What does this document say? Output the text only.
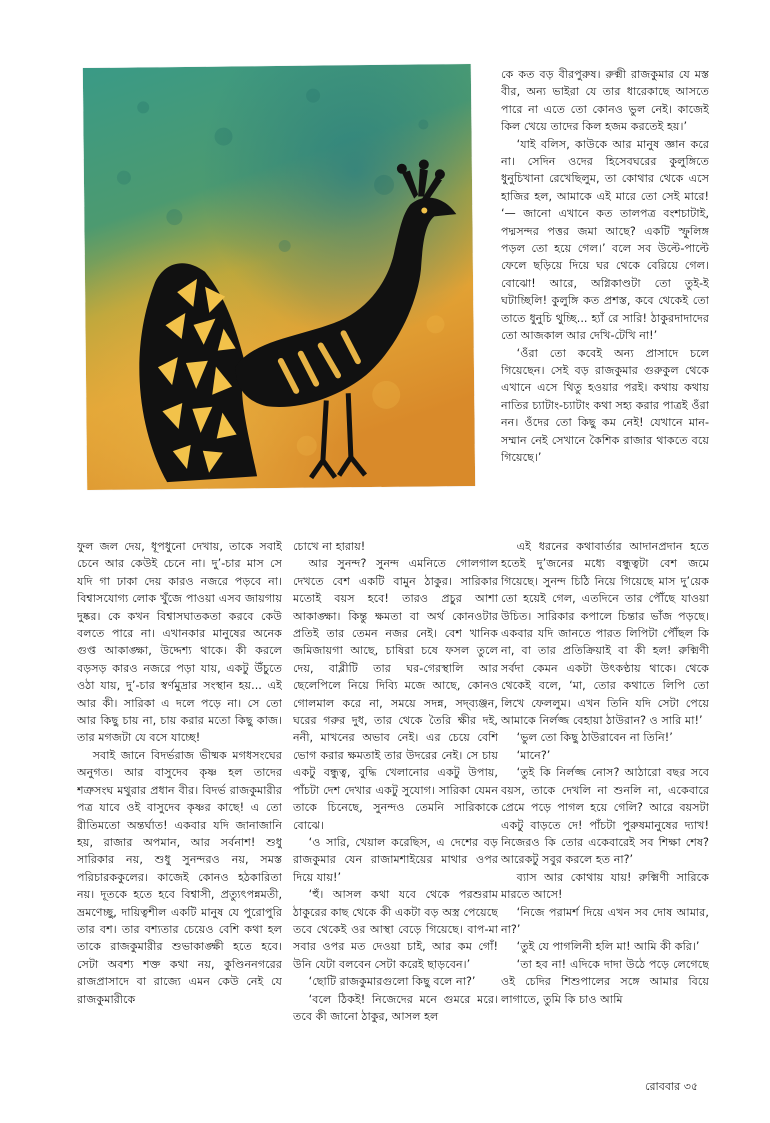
কে কত বড় বীরপুরুষ। রুক্মী রাজকুমার যে মস্ত বীর, অন্য ভাইরা যে তার ধারেকাছে আসতে পারে না এতে তো কোনও ভুল নেই। কাজেই কিল খেয়ে তাদের কিল হজম করতেই হয়।’

‘যাই বলিস, কাউকে আর মানুষ জ্ঞান করে না। সেদিন ওদের হিসেবঘরের কুলুঙ্গিতে ধুনুচিখানা রেখেছিলুম, তা কোথার থেকে এসে হাজির হল, আমাকে এই মারে তো সেই মারে! ‘— জানো এখানে কত তালপত্র বংশচাটাই, পদ্মসন্দর পত্তর জমা আছে? একটি স্ফুলিঙ্গ পড়ল তো হয়ে গেল।’ বলে সব উল্টে-পাল্টে ফেলে ছড়িয়ে দিয়ে ঘর থেকে বেরিয়ে গেল। বোঝো! আরে, অগ্নিকাণ্ডটা তো তুই-ই ঘটাচ্ছিলি! কুলুঙ্গি কত প্রশস্ত, কবে থেকেই তো তাতে ধুনুচি থুচ্ছি... হ্যাঁ রে সারি! ঠাকুরদাদাদের তো আজকাল আর দেখি-টেখি না!’

‘ওঁরা তো কবেই অন্য প্রাসাদে চলে গিয়েছেন। সেই বড় রাজকুমার গুরুকুল থেকে এখানে এসে থিতু হওয়ার পরই। কথায় কথায় নাতির চ্যাটাং-চ্যাটাং কথা সহ্য করার পাত্রই ওঁরা নন। ওঁদের তো কিছু কম নেই! যেখানে মান-সম্মান নেই সেখানে কৈশিক রাজার থাকতে বয়ে গিয়েছে।’

ফুল জল দেয়, ধূপধুনো দেখায়, তাকে সবাই চেনে আর কেউই চেনে না। দু’-চার মাস সে যদি গা ঢাকা দেয় কারও নজরে পড়বে না। বিশ্বাসযোগ্য লোক খুঁজে পাওয়া এসব জায়গায় দুষ্কর। কে কখন বিশ্বাসঘাতকতা করবে কেউ বলতে পারে না। এখানকার মানুষের অনেক গুপ্ত আকাঙ্ক্ষা, উদ্দেশ্য থাকে। কী করলে বড়সড় কারও নজরে পড়া যায়, একটু উঁচুতে ওঠা যায়, দু’-চার স্বর্ণমুদ্রার সংস্থান হয়... এই আর কী। সারিকা এ দলে পড়ে না। সে তো আর কিছু চায় না, চায় করার মতো কিছু কাজ। তার মগজটা যে বসে যাচ্ছে!

সবাই জানে বিদর্ভরাজ ভীষ্মক মগধসংঘের অনুগত। আর বাসুদেব কৃষ্ণ হল তাদের শত্রুসংঘ মথুরার প্রধান বীর। বিদর্ভ রাজকুমারীর পত্র যাবে ওই বাসুদেব কৃষ্ণর কাছে! এ তো রীতিমতো অন্তর্ঘাত! একবার যদি জানাজানি হয়, রাজার অপমান, আর সর্বনাশ! শুধু সারিকার নয়, শুধু সুনন্দরও নয়, সমস্ত পরিচারককুলের। কাজেই কোনও হঠকারিতা নয়। দূতকে হতে হবে বিশ্বাসী, প্রত্যুৎপন্নমতী, ভ্রমণেচ্ছু, দায়িত্বশীল একটি মানুষ যে পুরোপুরি তার বশ। তার বশ্যতার চেয়েও বেশি কথা হল তাকে রাজকুমারীর শুভাকাঙ্ক্ষী হতে হবে। সেটা অবশ্য শক্ত কথা নয়, কুণ্ডিননগরের রাজপ্রাসাদে বা রাজ্যে এমন কেউ নেই যে রাজকুমারীকে

চোখে না হারায়!

আর সুনন্দ? সুনন্দ এমনিতে গোলগাল দেখতে বেশ একটি বামুন ঠাকুর। সারিকার মতোই বয়স হবে! তারও প্রচুর আশা আকাঙ্ক্ষা। কিন্তু ক্ষমতা বা অর্থ কোনওটার প্রতিই তার তেমন নজর নেই। বেশ খানিক জমিজায়গা আছে, চাষিরা চষে ফসল তুলে দেয়, বাব্লীটি তার ঘর-গেরস্থালি আর ছেলেপিলে নিয়ে দিব্যি মজে আছে, কোনও গোলমাল করে না, সময়ে সদন্ন, সদ্‌ব্যঞ্জন, ঘরের গরুর দুধ, তার থেকে তৈরি ক্ষীর দই, ননী, মাখনের অভাব নেই। এর চেয়ে বেশি ভোগ করার ক্ষমতাই তার উদরের নেই। সে চায় একটু বন্ধুত্ব, বুদ্ধি খেলানোর একটু উপায়, পাঁচটা দেশ দেখার একটু সুযোগ। সারিকা যেমন তাকে চিনেছে, সুনন্দও তেমনি সারিকাকে বোঝে।

‘ও সারি, খেয়াল করেছিস, এ দেশের বড় রাজকুমার যেন রাজামশাইয়ের মাথার ওপর দিয়ে যায়!’

‘হুঁ। আসল কথা যবে থেকে পরশুরাম ঠাকুরের কাছ থেকে কী একটা বড় অস্ত্র পেয়েছে তবে থেকেই ওর আস্থা বেড়ে গিয়েছে। বাপ-মা সবার ওপর মত দেওয়া চাই, আর কম গোঁ! উনি যেটা বলবেন সেটা করেই ছাড়বেন।’

‘ছোটি রাজকুমারগুলো কিছু বলে না?’

‘বলে ঠিকই! নিজেদের মনে গুমরে মরে। তবে কী জানো ঠাকুর, আসল হল

এই ধরনের কথাবার্তার আদানপ্রদান হতে হতেই দু’জনের মধ্যে বন্ধুত্বটা বেশ জমে গিয়েছে। সুনন্দ চিঠি নিয়ে গিয়েছে মাস দু’য়েক তো হয়েই গেল, এতদিনে তার পৌঁছে যাওয়া উচিত। সারিকার কপালে চিন্তার ভাঁজ পড়ছে। একবার যদি জানতে পারত লিপিটা পৌঁছল কি না, বা তার প্রতিক্রিয়াই বা কী হল! রুক্মিণী সর্বদা কেমন একটা উৎকণ্ঠায় থাকে। থেকে থেকেই বলে, ‘মা, তোর কথাতে লিপি তো লিখে ফেললুম। এখন তিনি যদি সেটা পেয়ে আমাকে নির্লজ্জ বেহায়া ঠাউরান? ও সারি মা!’

‘ভুল তো কিছু ঠাউরাবেন না তিনি!’

‘মানে?’

‘তুই কি নির্লজ্জ নোস? আঠারো বছর সবে বয়স, তাকে দেখলি না শুনলি না, একেবারে প্রেমে পড়ে পাগল হয়ে গেলি? আরে বয়সটা একটু বাড়তে দে! পাঁচটা পুরুষমানুষের দ্যাখ! নিজেরও কি তোর একেবারেই সব শিক্ষা শেষ? আরেকটু সবুর করলে হত না?’

ব্যাস আর কোথায় যায়! রুক্মিণী সারিকে মারতে আসে!

‘নিজে পরামর্শ দিয়ে এখন সব দোষ আমার, না?’

‘তুই যে পাগলিনী হলি মা! আমি কী করি।’

‘তা হব না! এদিকে দাদা উঠে পড়ে লেগেছে ওই চেদির শিশুপালের সঙ্গে আমার বিয়ে লাগাতে, তুমি কি চাও আমি

রোববার ৩৫
